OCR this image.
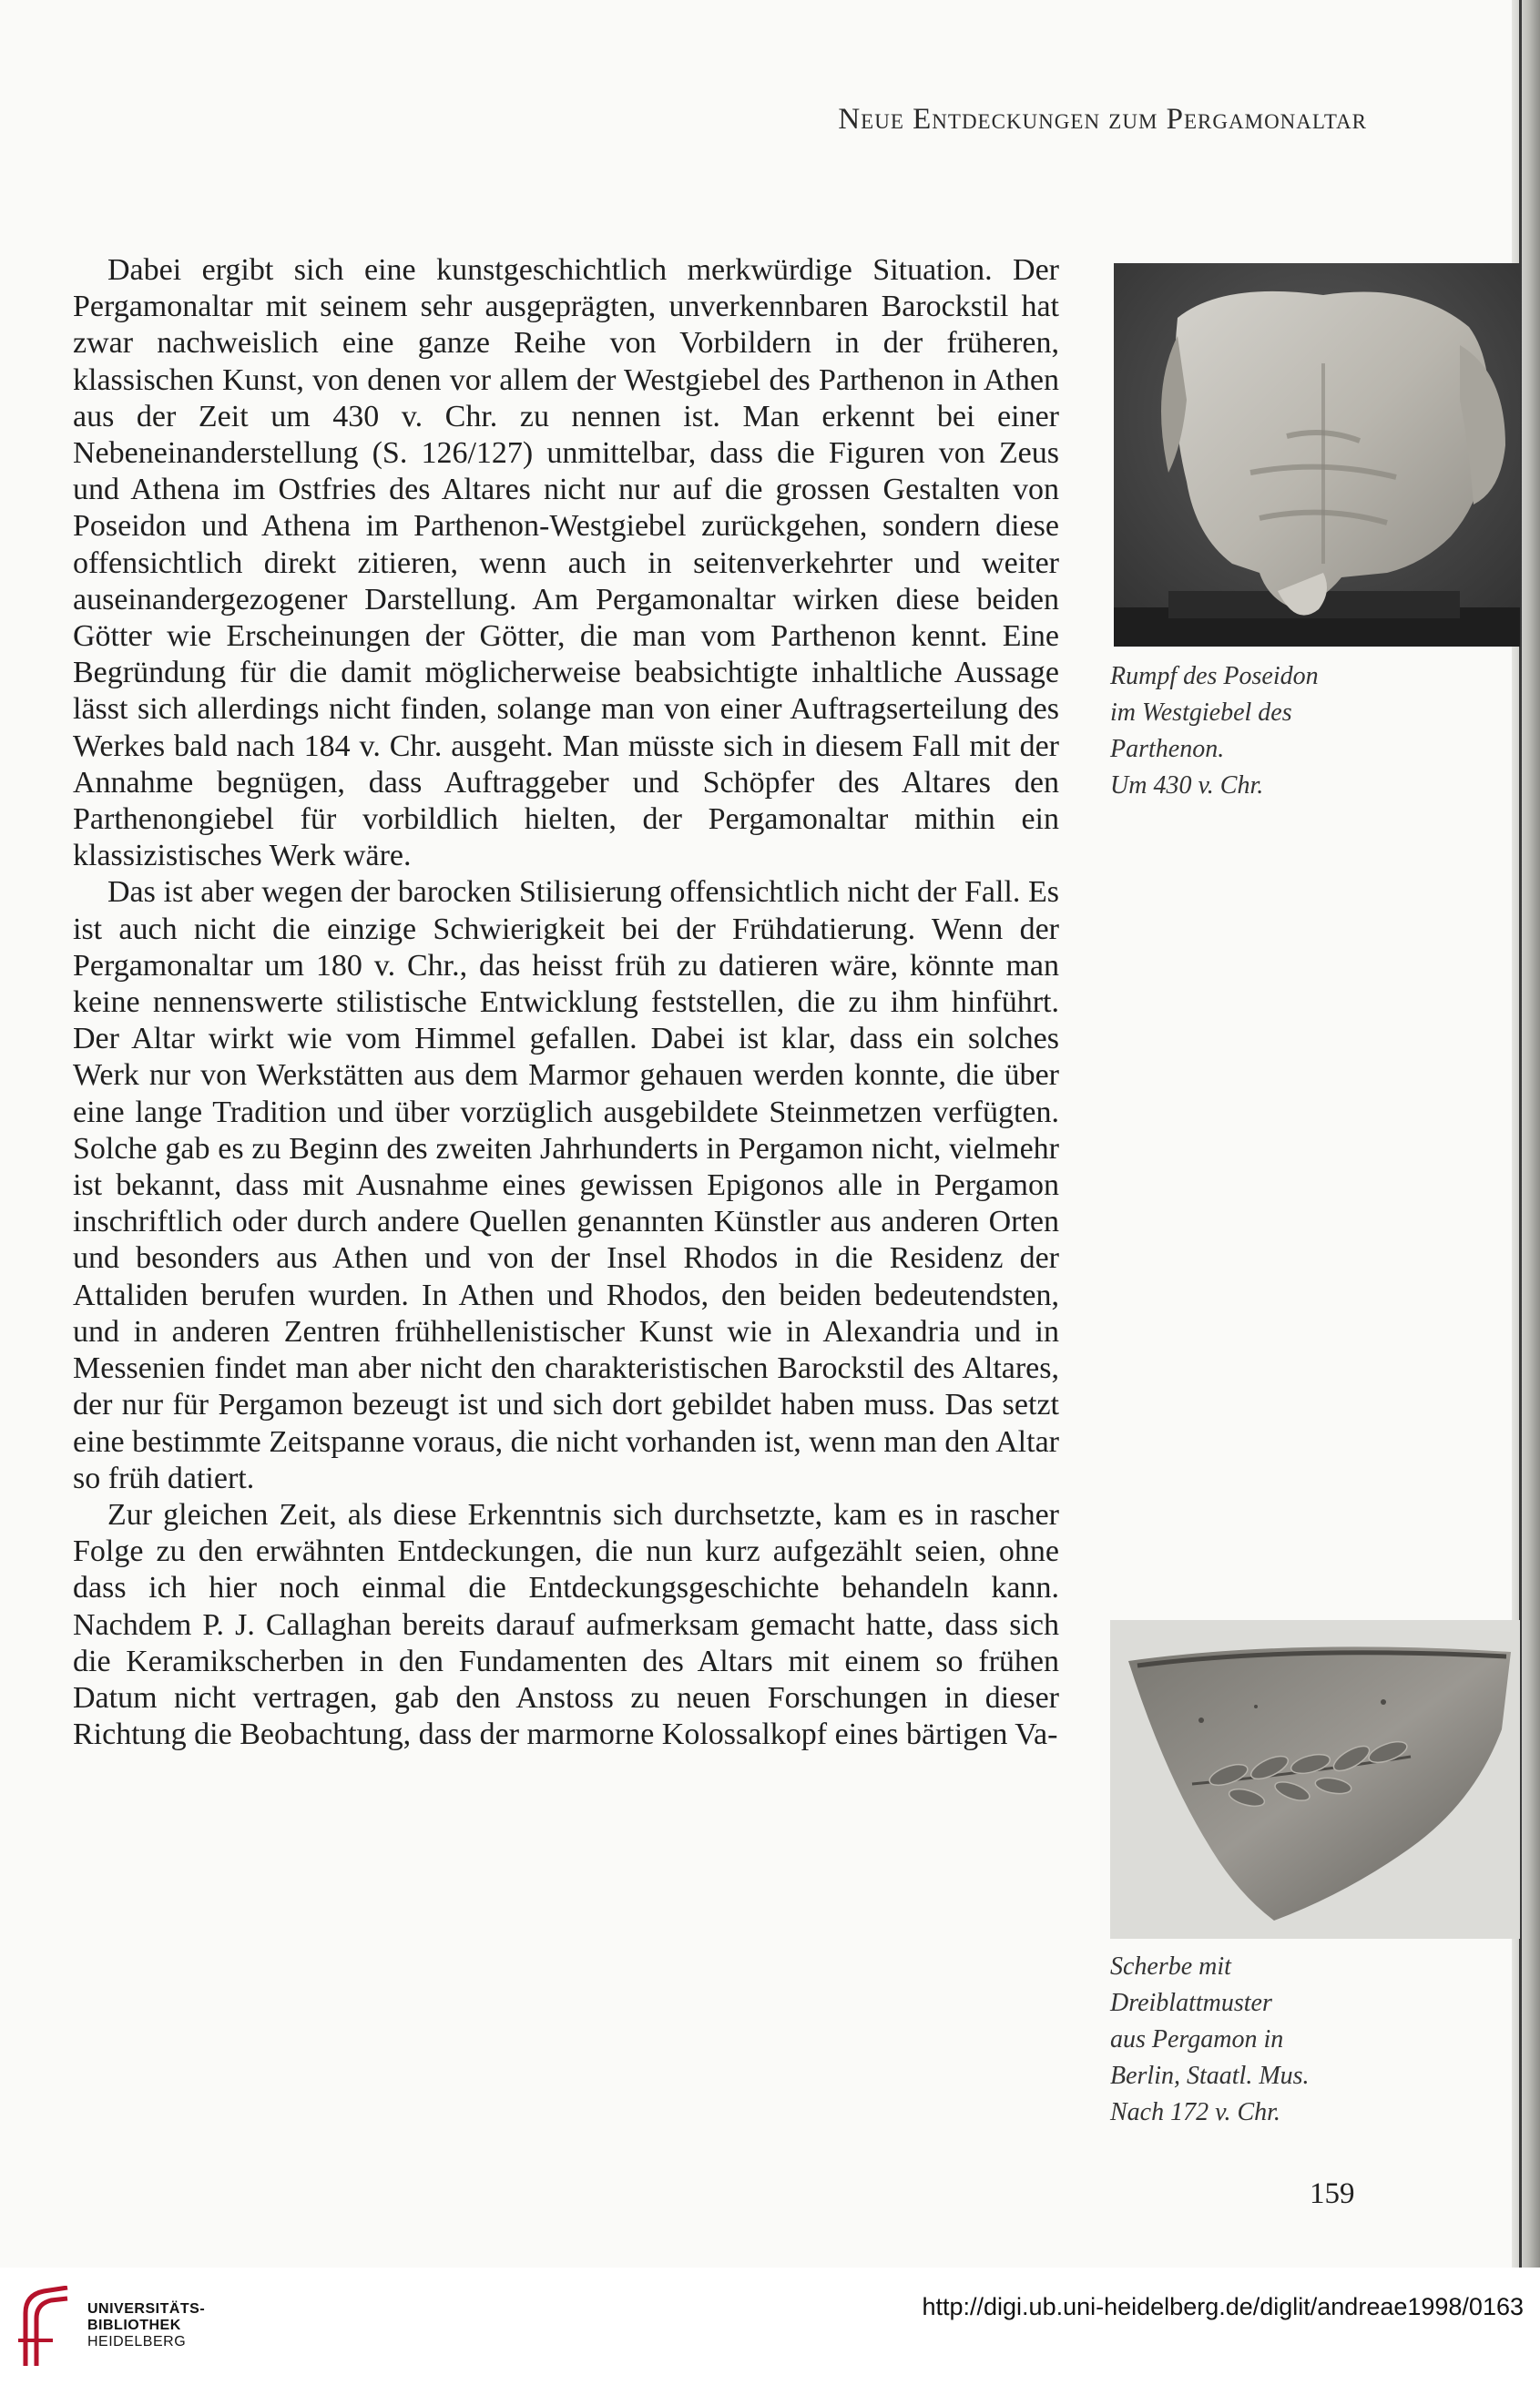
Neue Entdeckungen zum Pergamonaltar

Dabei ergibt sich eine kunstgeschichtlich merkwürdige Situation. Der Pergamonaltar mit seinem sehr ausgeprägten, unverkennbaren Barockstil hat zwar nachweislich eine ganze Reihe von Vorbildern in der früheren, klassischen Kunst, von denen vor allem der Westgiebel des Parthenon in Athen aus der Zeit um 430 v. Chr. zu nennen ist. Man erkennt bei einer Nebeneinanderstellung (S. 126/127) unmittelbar, dass die Figuren von Zeus und Athena im Ostfries des Altares nicht nur auf die grossen Gestalten von Poseidon und Athena im Parthenon-Westgiebel zurückgehen, sondern diese offensichtlich direkt zitieren, wenn auch in seitenverkehrter und weiter auseinandergezogener Darstellung. Am Pergamonaltar wirken diese beiden Götter wie Erscheinungen der Götter, die man vom Parthenon kennt. Eine Begründung für die damit möglicherweise beabsichtigte inhaltliche Aussage lässt sich allerdings nicht finden, solange man von einer Auftragserteilung des Werkes bald nach 184 v. Chr. ausgeht. Man müsste sich in diesem Fall mit der Annahme begnügen, dass Auftraggeber und Schöpfer des Altares den Parthenongiebel für vorbildlich hielten, der Pergamonaltar mithin ein klassizistisches Werk wäre.

Das ist aber wegen der barocken Stilisierung offensichtlich nicht der Fall. Es ist auch nicht die einzige Schwierigkeit bei der Frühdatierung. Wenn der Pergamonaltar um 180 v. Chr., das heisst früh zu datieren wäre, könnte man keine nennenswerte stilistische Entwicklung feststellen, die zu ihm hinführt. Der Altar wirkt wie vom Himmel gefallen. Dabei ist klar, dass ein solches Werk nur von Werkstätten aus dem Marmor gehauen werden konnte, die über eine lange Tradition und über vorzüglich ausgebildete Steinmetzen verfügten. Solche gab es zu Beginn des zweiten Jahrhunderts in Pergamon nicht, vielmehr ist bekannt, dass mit Ausnahme eines gewissen Epigonos alle in Pergamon inschriftlich oder durch andere Quellen genannten Künstler aus anderen Orten und besonders aus Athen und von der Insel Rhodos in die Residenz der Attaliden berufen wurden. In Athen und Rhodos, den beiden bedeutendsten, und in anderen Zentren frühhellenistischer Kunst wie in Alexandria und in Messenien findet man aber nicht den charakteristischen Barockstil des Altares, der nur für Pergamon bezeugt ist und sich dort gebildet haben muss. Das setzt eine bestimmte Zeitspanne voraus, die nicht vorhanden ist, wenn man den Altar so früh datiert.

Zur gleichen Zeit, als diese Erkenntnis sich durchsetzte, kam es in rascher Folge zu den erwähnten Entdeckungen, die nun kurz aufgezählt seien, ohne dass ich hier noch einmal die Entdeckungsgeschichte behandeln kann. Nachdem P. J. Callaghan bereits darauf aufmerksam gemacht hatte, dass sich die Keramikscherben in den Fundamenten des Altars mit einem so frühen Datum nicht vertragen, gab den Anstoss zu neuen Forschungen in dieser Richtung die Beobachtung, dass der marmorne Kolossalkopf eines bärtigen Va-

Rumpf des Poseidon
im Westgiebel des
Parthenon.
Um 430 v. Chr.
Scherbe mit
Dreiblattmuster
aus Pergamon in
Berlin, Staatl. Mus.
Nach 172 v. Chr.
159
UNIVERSITÄTS-
BIBLIOTHEK
HEIDELBERG
http://digi.ub.uni-heidelberg.de/diglit/andreae1998/0163
